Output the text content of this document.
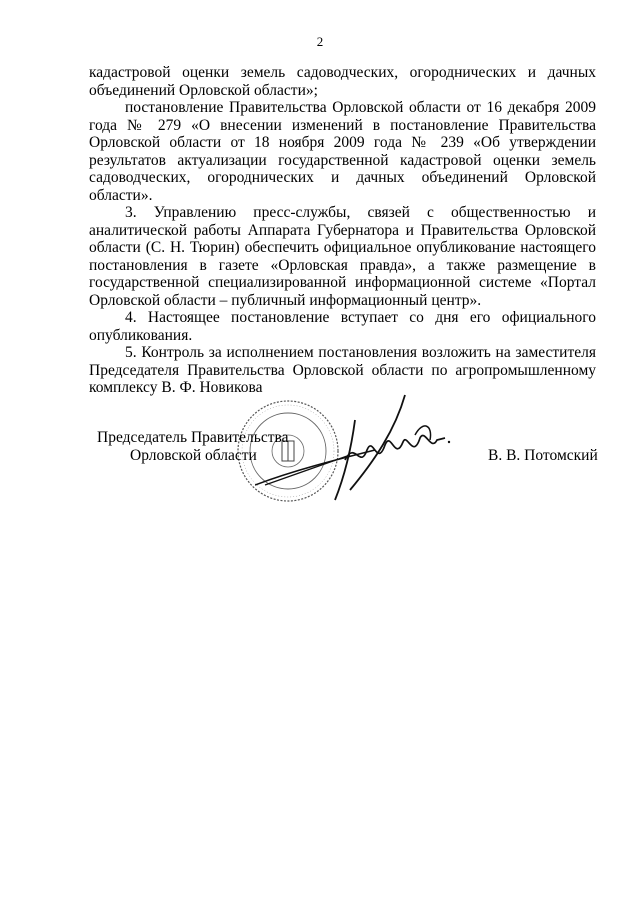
2

кадастровой оценки земель садоводческих, огороднических и дачных объединений Орловской области»;

постановление Правительства Орловской области от 16 декабря 2009 года № 279 «О внесении изменений в постановление Правительства Орловской области от 18 ноября 2009 года № 239 «Об утверждении результатов актуализации государственной кадастровой оценки земель садоводческих, огороднических и дачных объединений Орловской области».

3. Управлению пресс-службы, связей с общественностью и аналитической работы Аппарата Губернатора и Правительства Орловской области (С. Н. Тюрин) обеспечить официальное опубликование настоящего постановления в газете «Орловская правда», а также размещение в государственной специализированной информационной системе «Портал Орловской области – публичный информационный центр».

4. Настоящее постановление вступает со дня его официального опубликования.

5. Контроль за исполнением постановления возложить на заместителя Председателя Правительства Орловской области по агропромышленному комплексу В. Ф. Новикова

Председатель Правительства
Орловской области	В. В. Потомский
